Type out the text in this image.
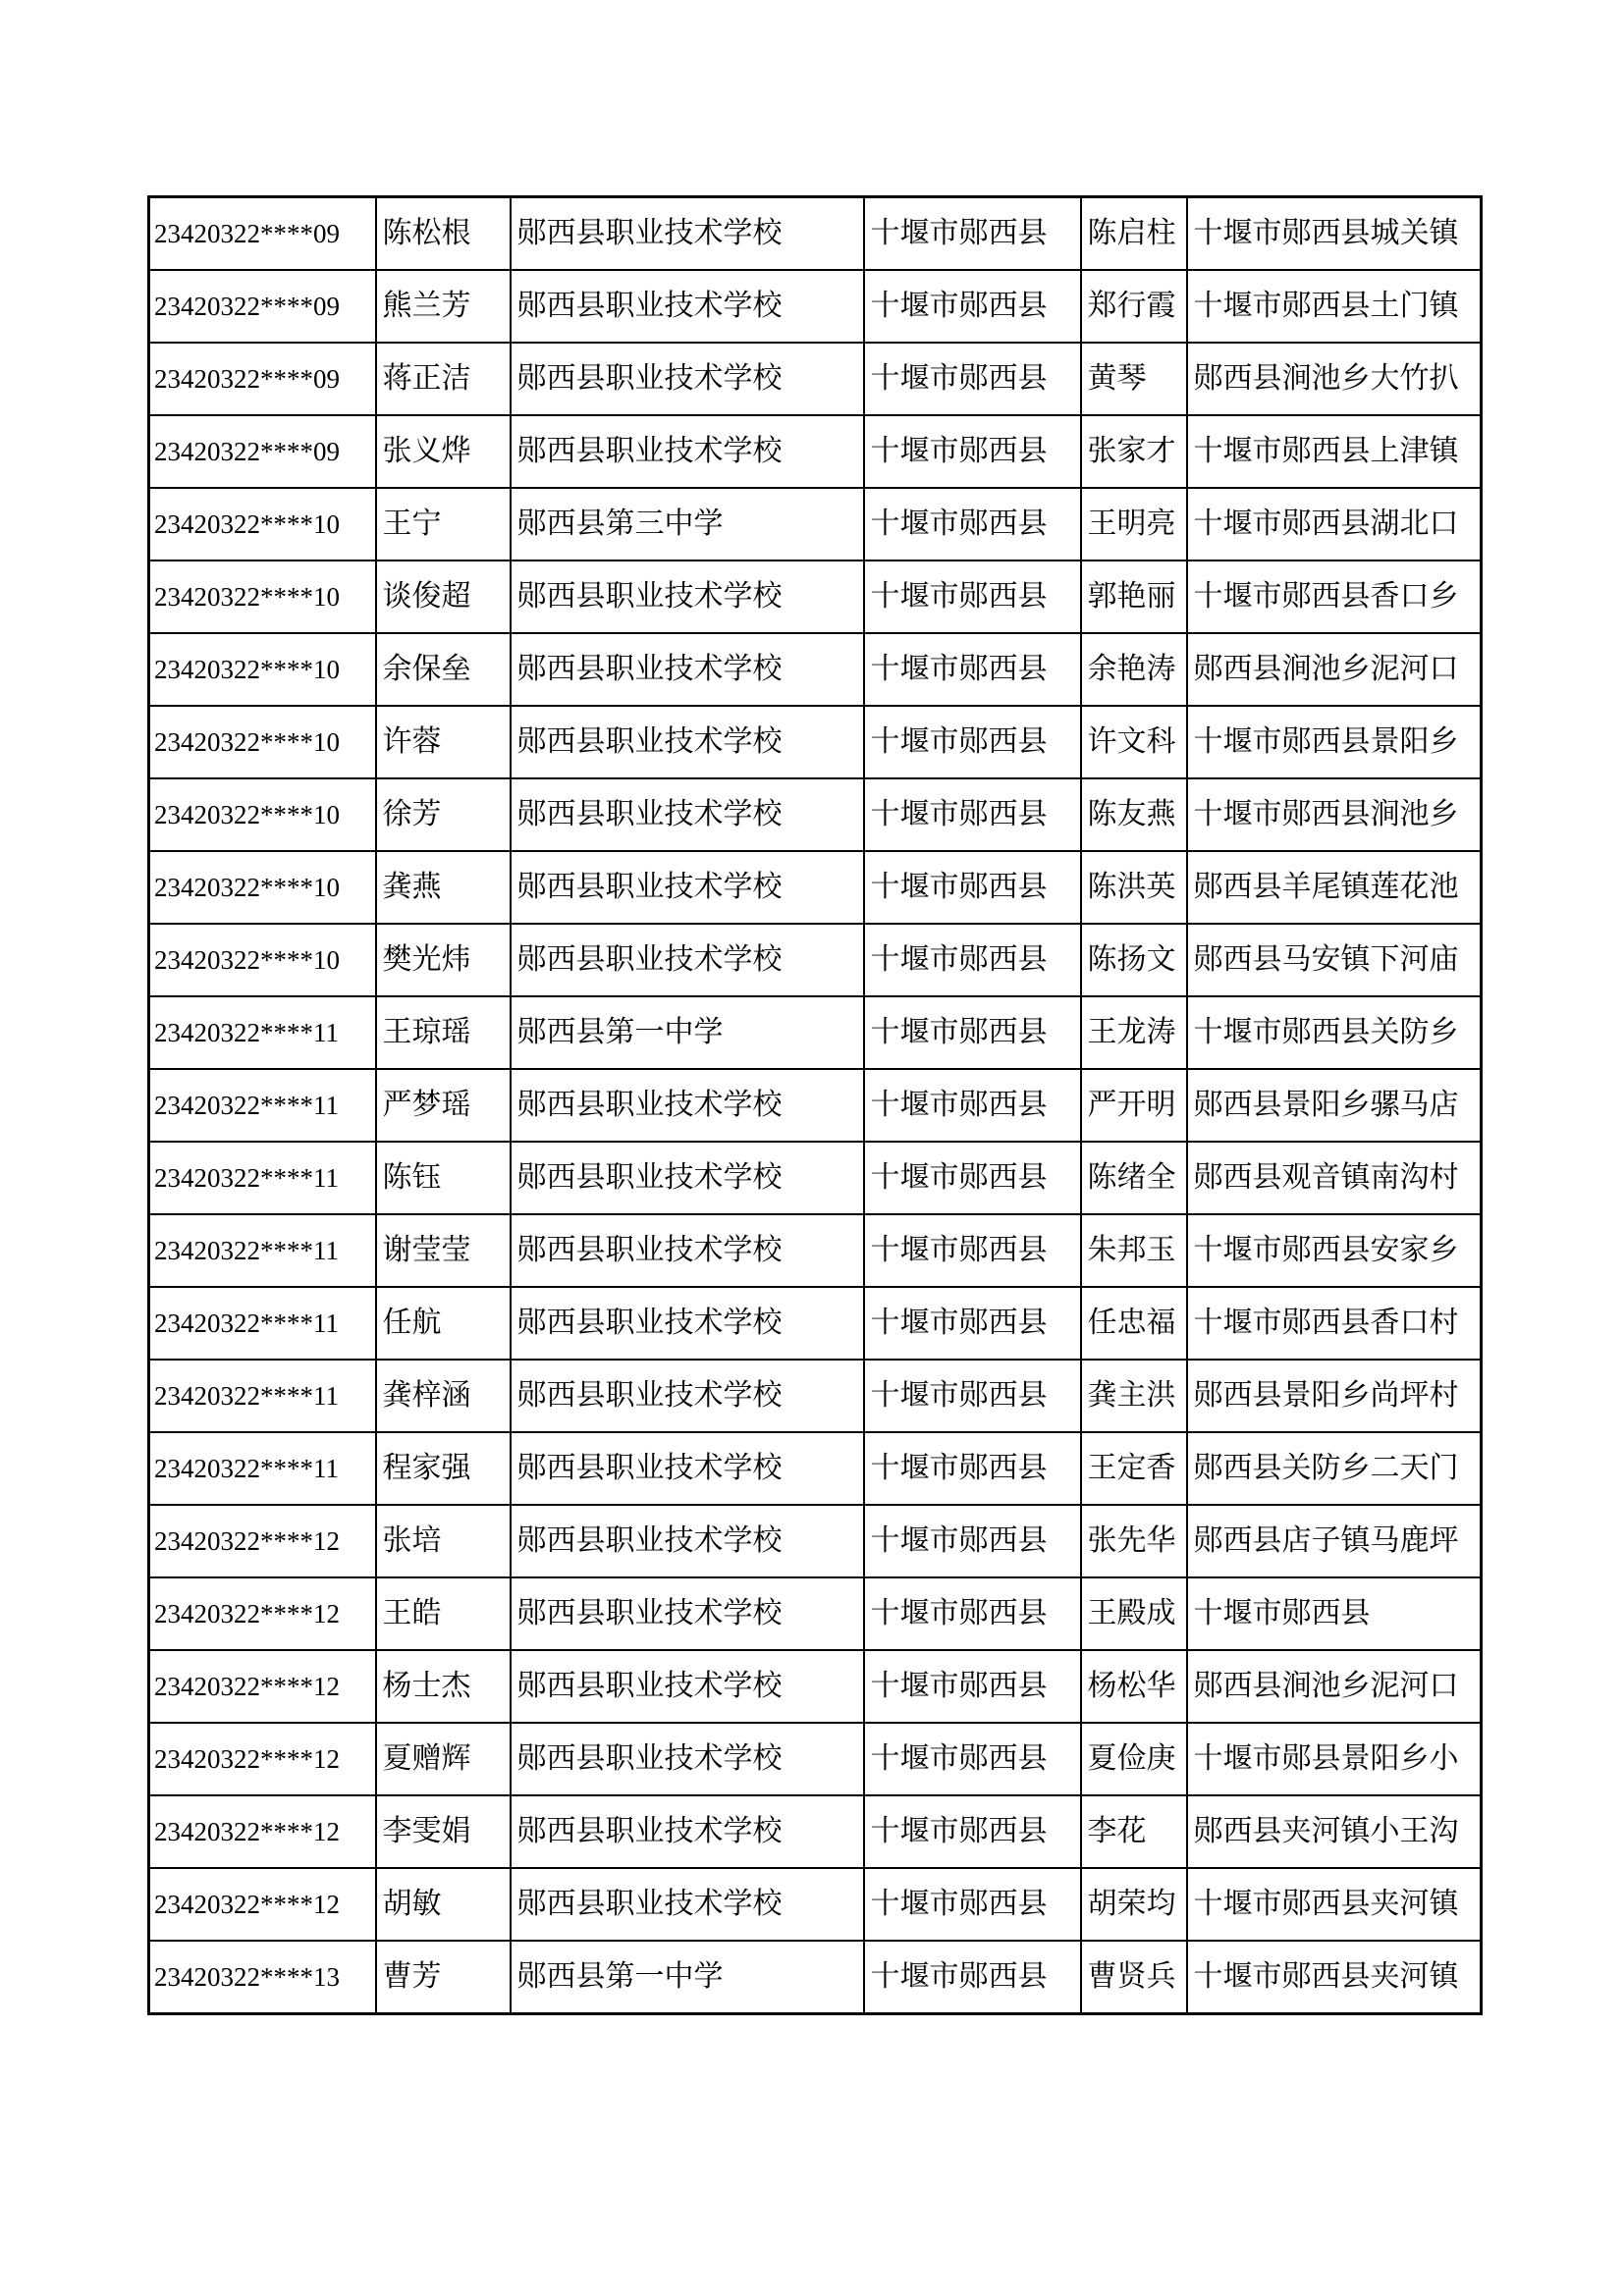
23420322****09	陈松根	郧西县职业技术学校	十堰市郧西县	陈启柱	十堰市郧西县城关镇
23420322****09	熊兰芳	郧西县职业技术学校	十堰市郧西县	郑行霞	十堰市郧西县土门镇
23420322****09	蒋正洁	郧西县职业技术学校	十堰市郧西县	黄琴	郧西县涧池乡大竹扒
23420322****09	张义烨	郧西县职业技术学校	十堰市郧西县	张家才	十堰市郧西县上津镇
23420322****10	王宁	郧西县第三中学	十堰市郧西县	王明亮	十堰市郧西县湖北口
23420322****10	谈俊超	郧西县职业技术学校	十堰市郧西县	郭艳丽	十堰市郧西县香口乡
23420322****10	余保垒	郧西县职业技术学校	十堰市郧西县	余艳涛	郧西县涧池乡泥河口
23420322****10	许蓉	郧西县职业技术学校	十堰市郧西县	许文科	十堰市郧西县景阳乡
23420322****10	徐芳	郧西县职业技术学校	十堰市郧西县	陈友燕	十堰市郧西县涧池乡
23420322****10	龚燕	郧西县职业技术学校	十堰市郧西县	陈洪英	郧西县羊尾镇莲花池
23420322****10	樊光炜	郧西县职业技术学校	十堰市郧西县	陈扬文	郧西县马安镇下河庙
23420322****11	王琼瑶	郧西县第一中学	十堰市郧西县	王龙涛	十堰市郧西县关防乡
23420322****11	严梦瑶	郧西县职业技术学校	十堰市郧西县	严开明	郧西县景阳乡骡马店
23420322****11	陈钰	郧西县职业技术学校	十堰市郧西县	陈绪全	郧西县观音镇南沟村
23420322****11	谢莹莹	郧西县职业技术学校	十堰市郧西县	朱邦玉	十堰市郧西县安家乡
23420322****11	任航	郧西县职业技术学校	十堰市郧西县	任忠福	十堰市郧西县香口村
23420322****11	龚梓涵	郧西县职业技术学校	十堰市郧西县	龚主洪	郧西县景阳乡尚坪村
23420322****11	程家强	郧西县职业技术学校	十堰市郧西县	王定香	郧西县关防乡二天门
23420322****12	张培	郧西县职业技术学校	十堰市郧西县	张先华	郧西县店子镇马鹿坪
23420322****12	王皓	郧西县职业技术学校	十堰市郧西县	王殿成	十堰市郧西县
23420322****12	杨士杰	郧西县职业技术学校	十堰市郧西县	杨松华	郧西县涧池乡泥河口
23420322****12	夏赠辉	郧西县职业技术学校	十堰市郧西县	夏俭庚	十堰市郧县景阳乡小
23420322****12	李雯娟	郧西县职业技术学校	十堰市郧西县	李花	郧西县夹河镇小王沟
23420322****12	胡敏	郧西县职业技术学校	十堰市郧西县	胡荣均	十堰市郧西县夹河镇
23420322****13	曹芳	郧西县第一中学	十堰市郧西县	曹贤兵	十堰市郧西县夹河镇
